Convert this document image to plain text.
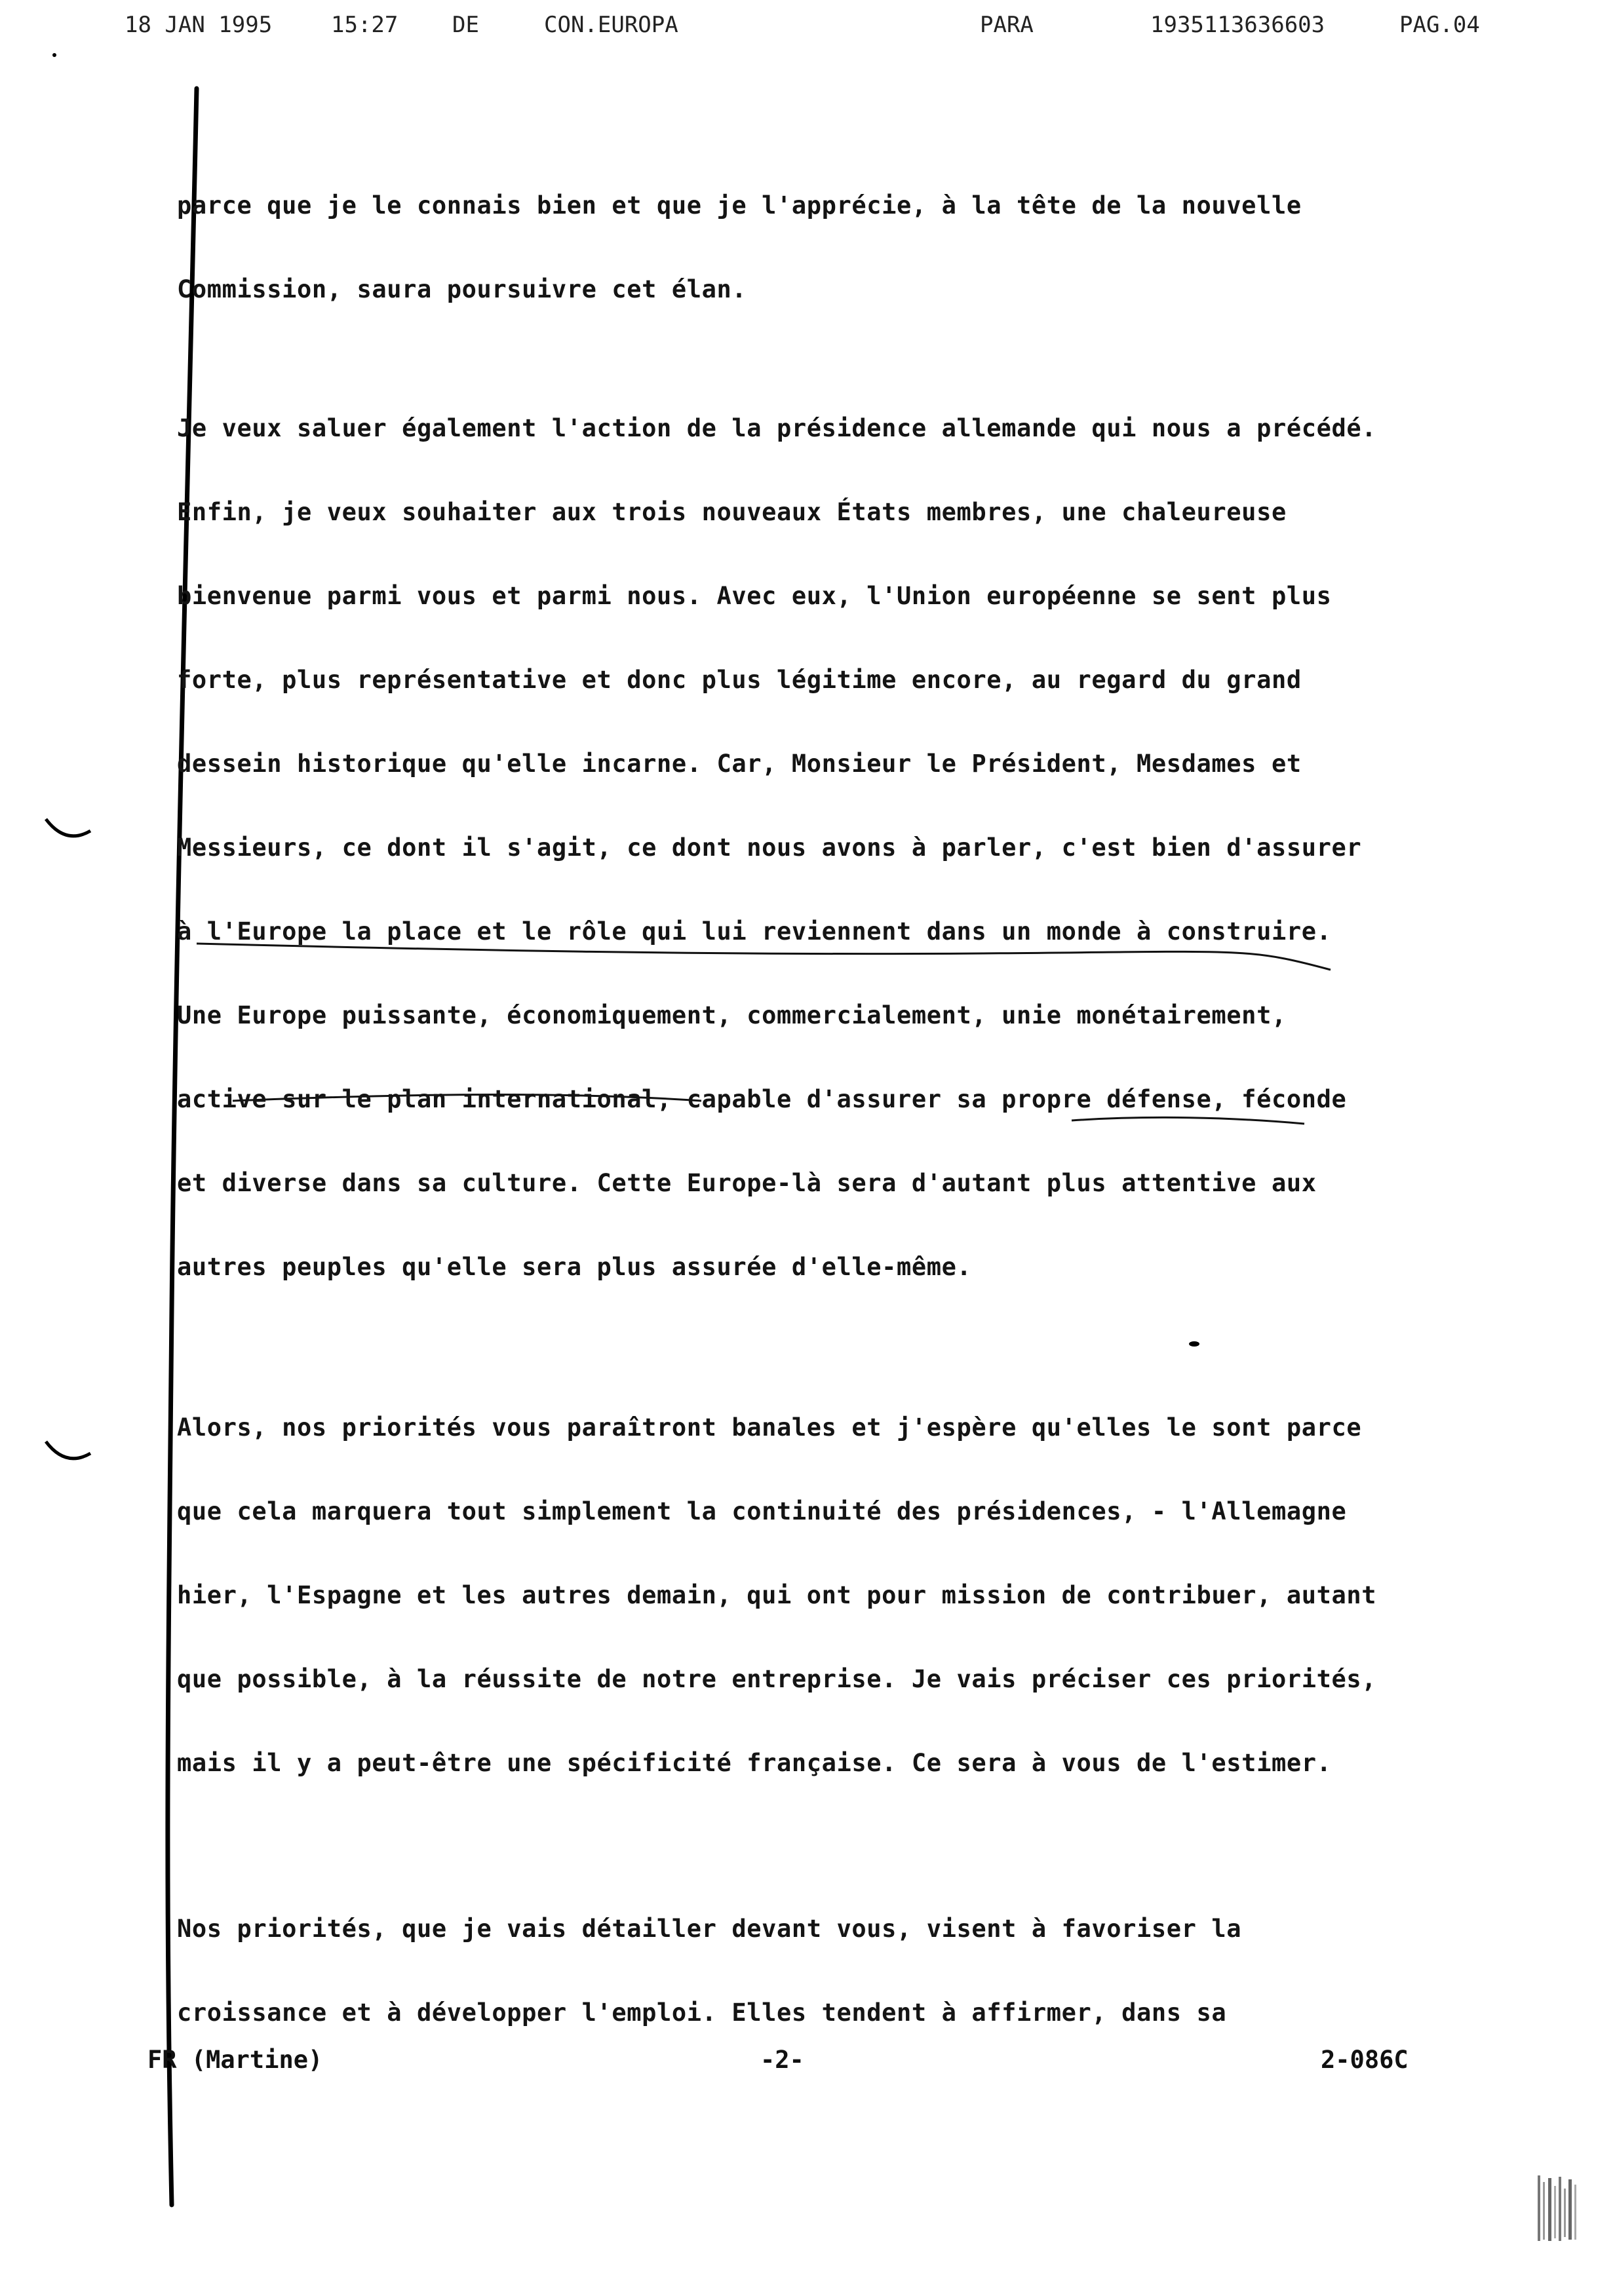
18 JAN 1995	15:27 DE	CON.EUROPA	PARA	1935113636603	PAG.04
parce que je le connais bien et que je l'apprécie, à la tête de la nouvelle
Commission, saura poursuivre cet élan.
Je veux saluer également l'action de la présidence allemande qui nous a précédé.
Enfin, je veux souhaiter aux trois nouveaux États membres, une chaleureuse
bienvenue parmi vous et parmi nous. Avec eux, l'Union européenne se sent plus
forte, plus représentative et donc plus légitime encore, au regard du grand
dessein historique qu'elle incarne. Car, Monsieur le Président, Mesdames et
Messieurs, ce dont il s'agit, ce dont nous avons à parler, c'est bien d'assurer
à l'Europe la place et le rôle qui lui reviennent dans un monde à construire.
Une Europe puissante, économiquement, commercialement, unie monétairement,
active sur le plan international, capable d'assurer sa propre défense, féconde
et diverse dans sa culture. Cette Europe-là sera d'autant plus attentive aux
autres peuples qu'elle sera plus assurée d'elle-même.
Alors, nos priorités vous paraîtront banales et j'espère qu'elles le sont parce
que cela marquera tout simplement la continuité des présidences, - l'Allemagne
hier, l'Espagne et les autres demain, qui ont pour mission de contribuer, autant
que possible, à la réussite de notre entreprise. Je vais préciser ces priorités,
mais il y a peut-être une spécificité française. Ce sera à vous de l'estimer.
Nos priorités, que je vais détailler devant vous, visent à favoriser la
croissance et à développer l'emploi. Elles tendent à affirmer, dans sa
FR (Martine)	-2-	2-086C
